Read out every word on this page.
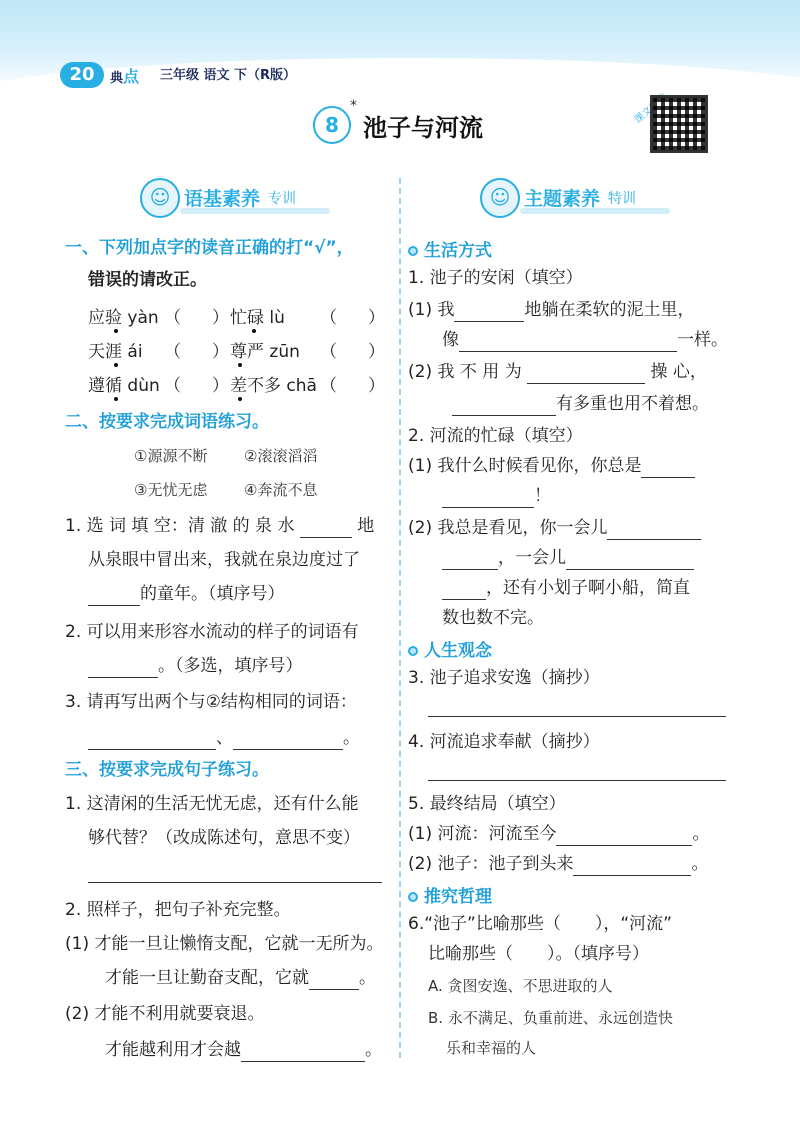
20	典点 三年级 语文 下（R版）
8
*
池子与河流
☺ 语基素养 专训
一、下列加点字的读音正确的打“√”，
错误的请改正。
应验 yàn （ ） 忙碌 lù （ ）
天涯 ái （ ） 尊严 zūn （ ）
遵循 dùn （ ） 差不多 chā （ ）
二、按要求完成词语练习。
①源源不断 ②滚滚滔滔
③无忧无虑 ④奔流不息
1. 选 词 填 空：清 澈 的 泉 水	地
从泉眼中冒出来，我就在泉边度过了
的童年。（填序号）
2. 可以用来形容水流动的样子的词语有
。（多选，填序号）
3. 请再写出两个与②结构相同的词语：
、	。
三、按要求完成句子练习。
1. 这清闲的生活无忧无虑，还有什么能
够代替？（改成陈述句，意思不变）
2. 照样子，把句子补充完整。
(1) 才能一旦让懒惰支配，它就一无所为。
才能一旦让勤奋支配，它就	。
(2) 才能不利用就要衰退。
才能越利用才会越	。
☺ 主题素养 特训
生活方式
1. 池子的安闲（填空）
(1) 我	地躺在柔软的泥土里，
像	一样。
(2) 我 不 用 为	操 心，
有多重也用不着想。
2. 河流的忙碌（填空）
(1) 我什么时候看见你，你总是
！
(2) 我总是看见，你一会儿
，一会儿
，还有小划子啊小船，简直
数也数不完。
人生观念
3. 池子追求安逸（摘抄）
4. 河流追求奉献（摘抄）
5. 最终结局（填空）
(1) 河流：河流至今	。
(2) 池子：池子到头来	。
推究哲理
6.“池子”比喻那些（　　），“河流”
比喻那些（　　）。（填序号）
A. 贪图安逸、不思进取的人
B. 永不满足、负重前进、永远创造快
乐和幸福的人
